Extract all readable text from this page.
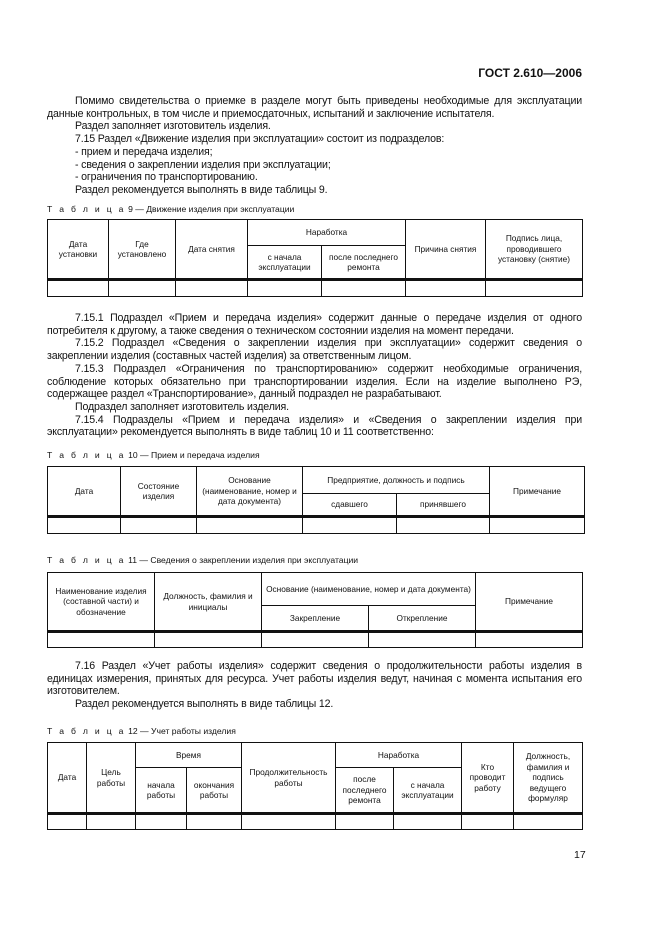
ГОСТ 2.610—2006

Помимо свидетельства о приемке в разделе могут быть приведены необходимые для эксплуатации данные контрольных, в том числе и приемосдаточных, испытаний и заключение испытателя.

Раздел заполняет изготовитель изделия.

7.15 Раздел «Движение изделия при эксплуатации» состоит из подразделов:

- прием и передача изделия;

- сведения о закреплении изделия при эксплуатации;

- ограничения по транспортированию.

Раздел рекомендуется выполнять в виде таблицы 9.

Т а б л и ц а 9 — Движение изделия при эксплуатации
Дата установки	Где установлено	Дата снятия	Наработка		Причина снятия	Подпись лица, проводившего установку (снятие)
			с начала эксплуатации	после последнего ремонта		

7.15.1 Подраздел «Прием и передача изделия» содержит данные о передаче изделия от одного потребителя к другому, а также сведения о техническом состоянии изделия на момент передачи.

7.15.2 Подраздел «Сведения о закреплении изделия при эксплуатации» содержит сведения о закреплении изделия (составных частей изделия) за ответственным лицом.

7.15.3 Подраздел «Ограничения по транспортированию» содержит необходимые ограничения, соблюдение которых обязательно при транспортировании изделия. Если на изделие выполнено РЭ, содержащее раздел «Транспортирование», данный подраздел не разрабатывают.

Подраздел заполняет изготовитель изделия.

7.15.4 Подразделы «Прием и передача изделия» и «Сведения о закреплении изделия при эксплуатации» рекомендуется выполнять в виде таблиц 10 и 11 соответственно:

Т а б л и ц а 10 — Прием и передача изделия
Дата	Состояние изделия	Основание (наименование, номер и дата документа)	Предприятие, должность и подпись		Примечание
			сдавшего	принявшего	

Т а б л и ц а 11 — Сведения о закреплении изделия при эксплуатации
Наименование изделия (составной части) и обозначение	Должность, фамилия и инициалы	Основание (наименование, номер и дата документа)		Примечание
		Закрепление	Открепление	

7.16 Раздел «Учет работы изделия» содержит сведения о продолжительности работы изделия в единицах измерения, принятых для ресурса. Учет работы изделия ведут, начиная с момента испытания его изготовителем.

Раздел рекомендуется выполнять в виде таблицы 12.

Т а б л и ц а 12 — Учет работы изделия
Дата	Цель работы	Время		Продолжительность работы	Наработка		Кто проводит работу	Должность, фамилия и подпись ведущего формуляр
		начала работы	окончания работы		после последнего ремонта	с начала эксплуатации		

17
